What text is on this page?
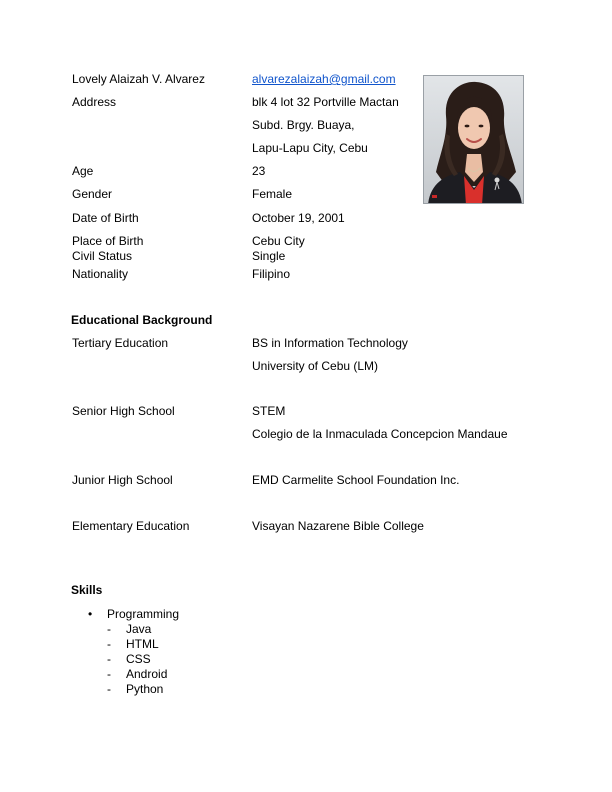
Lovely Alaizah V. Alvarez	alvarezalaizah@gmail.com
Address	blk 4 lot 32 Portville Mactan
Subd. Brgy. Buaya,
Lapu-Lapu City, Cebu
Age	23
Gender	Female
Date of Birth	October 19, 2001
Place of Birth	Cebu City
Civil Status	Single
Nationality	Filipino
Educational Background
Tertiary Education	BS in Information Technology
University of Cebu (LM)
Senior High School	STEM
Colegio de la Inmaculada Concepcion Mandaue
Junior High School	EMD Carmelite School Foundation Inc.
Elementary Education	Visayan Nazarene Bible College
Skills
• Programming
- Java
- HTML
- CSS
- Android
- Python
